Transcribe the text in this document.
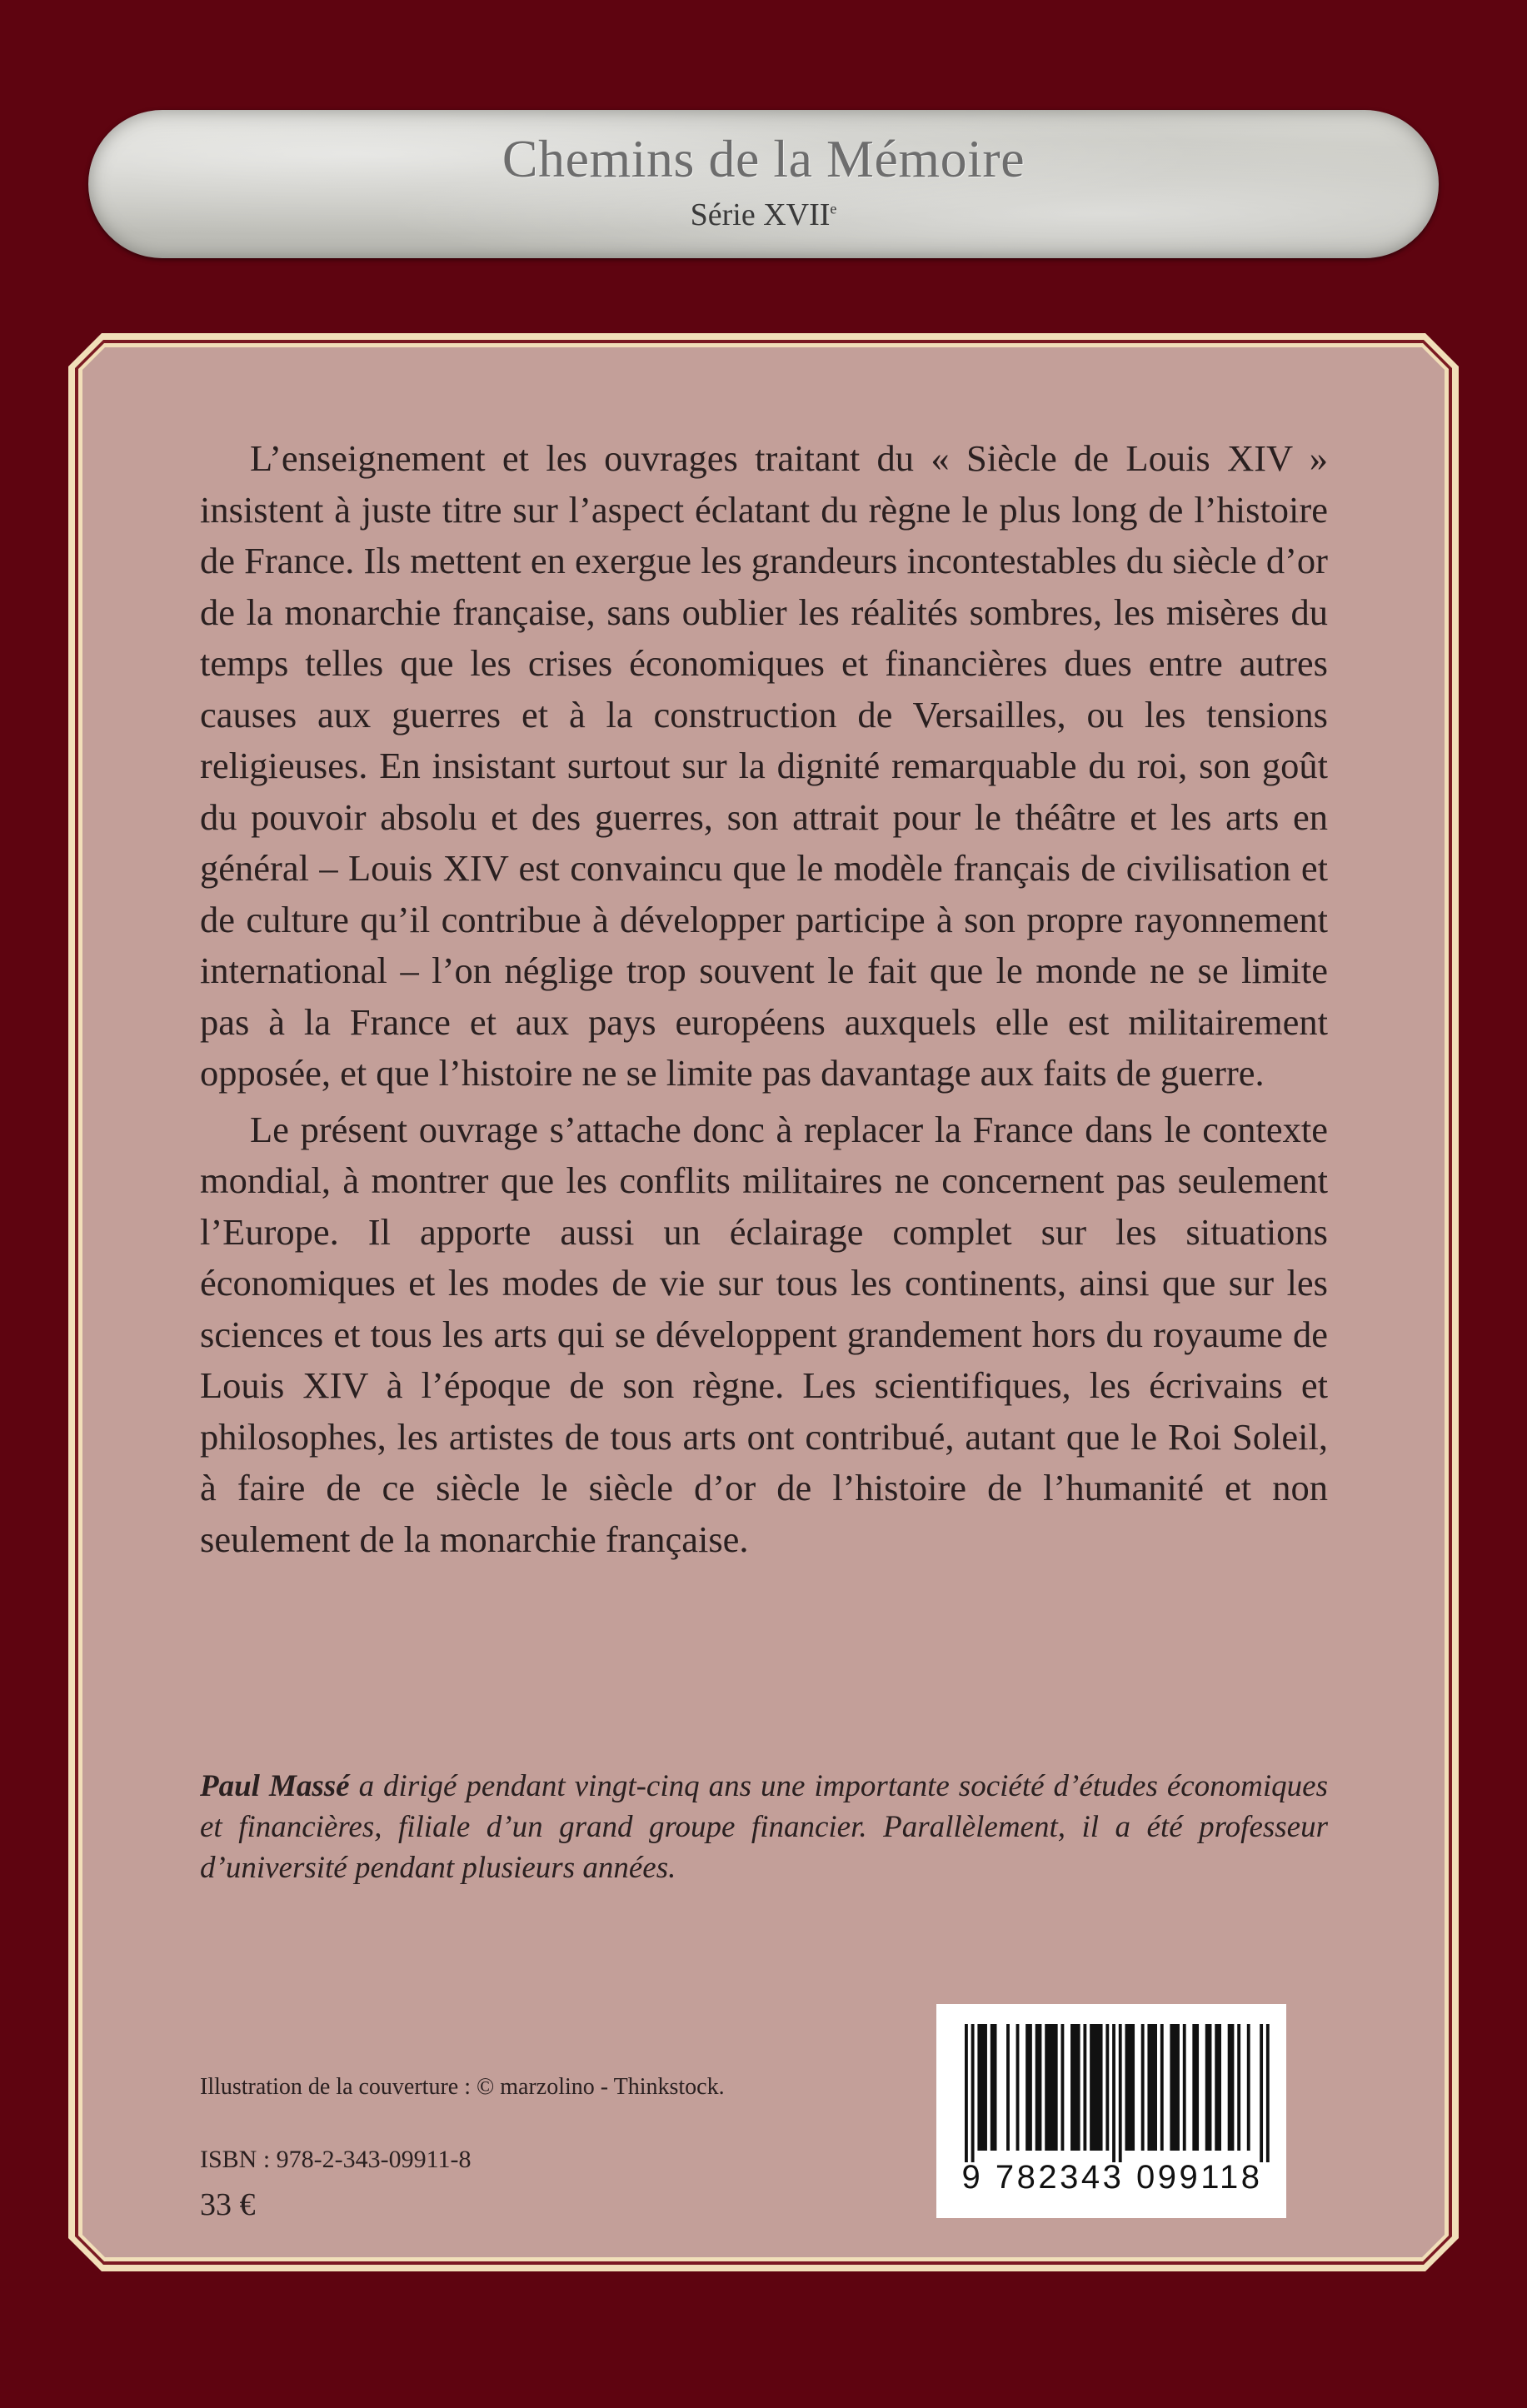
Chemins de la Mémoire
Série XVIIe

L’enseignement et les ouvrages traitant du « Siècle de Louis XIV » insistent à juste titre sur l’aspect éclatant du règne le plus long de l’histoire de France. Ils mettent en exergue les grandeurs incontestables du siècle d’or de la monarchie française, sans oublier les réalités sombres, les misères du temps telles que les crises économiques et financières dues entre autres causes aux guerres et à la construction de Versailles, ou les tensions religieuses. En insistant surtout sur la dignité remarquable du roi, son goût du pouvoir absolu et des guerres, son attrait pour le théâtre et les arts en général – Louis XIV est convaincu que le modèle français de civilisation et de culture qu’il contribue à développer participe à son propre rayonnement international – l’on néglige trop souvent le fait que le monde ne se limite pas à la France et aux pays européens auxquels elle est militairement opposée, et que l’histoire ne se limite pas davantage aux faits de guerre.

Le présent ouvrage s’attache donc à replacer la France dans le contexte mondial, à montrer que les conflits militaires ne concernent pas seulement l’Europe. Il apporte aussi un éclairage complet sur les situations économiques et les modes de vie sur tous les continents, ainsi que sur les sciences et tous les arts qui se développent grandement hors du royaume de Louis XIV à l’époque de son règne. Les scientifiques, les écrivains et philosophes, les artistes de tous arts ont contribué, autant que le Roi Soleil, à faire de ce siècle le siècle d’or de l’histoire de l’humanité et non seulement de la monarchie française.

Paul Massé a dirigé pendant vingt-cinq ans une importante société d’études économiques et financières, filiale d’un grand groupe financier. Parallèlement, il a été professeur d’université pendant plusieurs années.
Illustration de la couverture : © marzolino - Thinkstock.
ISBN : 978-2-343-09911-8
33 €
9 782343 099118
